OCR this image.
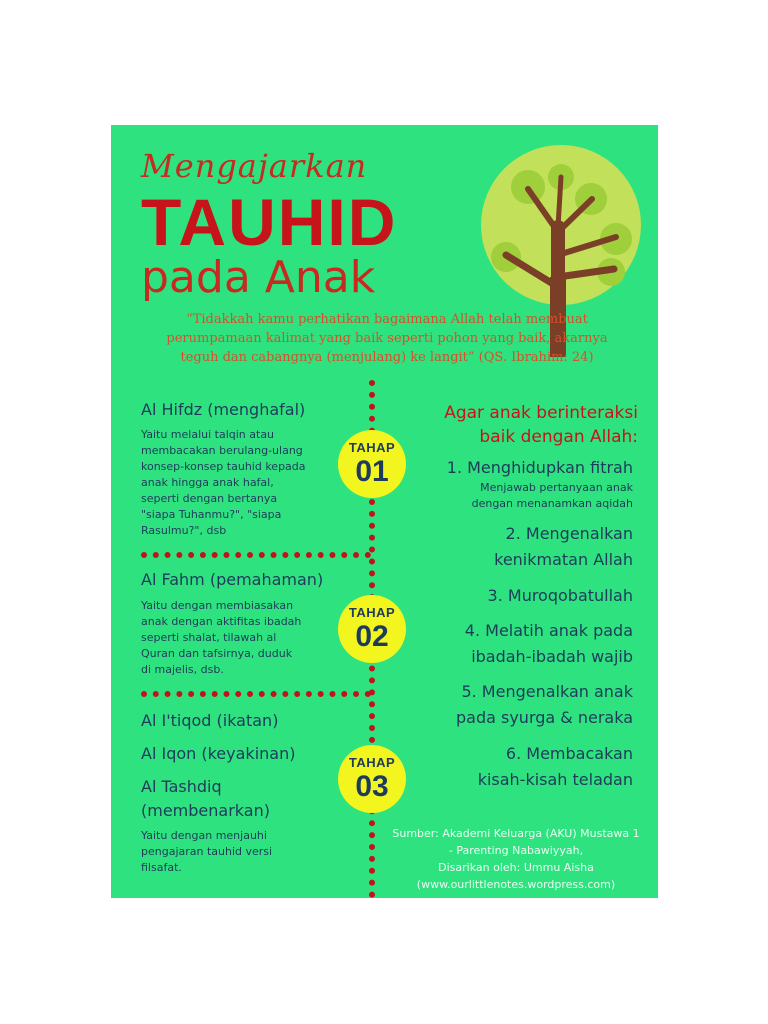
Mengajarkan
TAUHID
pada Anak
“Tidakkah kamu perhatikan bagaimana Allah telah membuat perumpamaan kalimat yang baik seperti pohon yang baik, akarnya teguh dan cabangnya (menjulang) ke langit” (QS. Ibrahim: 24)
Al Hifdz (menghafal)
Yaitu melalui talqin atau
membacakan berulang-ulang
konsep-konsep tauhid kepada
anak hingga anak hafal,
seperti dengan bertanya
"siapa Tuhanmu?", "siapa
Rasulmu?", dsb
TAHAP
01
Al Fahm (pemahaman)
Yaitu dengan membiasakan
anak dengan aktifitas ibadah
seperti shalat, tilawah al
Quran dan tafsirnya, duduk
di majelis, dsb.
TAHAP
02
Al I'tiqod (ikatan)
Al Iqon (keyakinan)
Al Tashdiq
(membenarkan)
Yaitu dengan menjauhi
pengajaran tauhid versi
filsafat.
TAHAP
03
Agar anak berinteraksi
baik dengan Allah:
1. Menghidupkan fitrah
Menjawab pertanyaan anak
dengan menanamkan aqidah
2. Mengenalkan
kenikmatan Allah
3. Muroqobatullah
4. Melatih anak pada
ibadah-ibadah wajib
5. Mengenalkan anak
pada syurga & neraka
6. Membacakan
kisah-kisah teladan
Sumber: Akademi Keluarga (AKU) Mustawa 1
- Parenting Nabawiyyah,
Disarikan oleh: Ummu Aisha
(www.ourlittlenotes.wordpress.com)
